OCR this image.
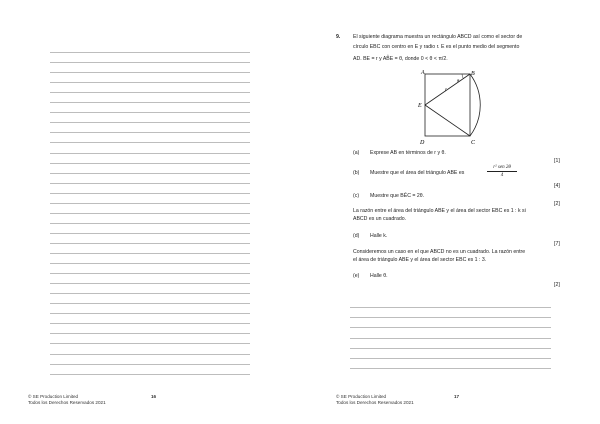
© SE Production Limited
Todos los Derechos Reservados 2021
16
9. El siguiente diagrama muestra un rectángulo ABCD así como el sector de
círculo EBC con centro en E y radio r. E es el punto medio del segmento
AD. BE = r y AB̂E = θ, donde 0 < θ < π/2.
A	B
C
D
E
r
θ
(a) Exprese AB en términos de r y θ.
[1]
(b) Muestre que el área del triángulo ABE es
r² sen 2θ
4
[4]
(c) Muestre que BÊC = 2θ.
[2]
La razón entre el área del triángulo ABE y el área del sector EBC es 1 : k si
ABCD es un cuadrado.
(d) Halle k.
[7]
Consideremos un caso en el que ABCD no es un cuadrado. La razón entre
el área de triángulo ABE y el área del sector EBC es 1 : 3.
(e) Halle θ.
[2]
© SE Production Limited
Todos los Derechos Reservados 2021
17
